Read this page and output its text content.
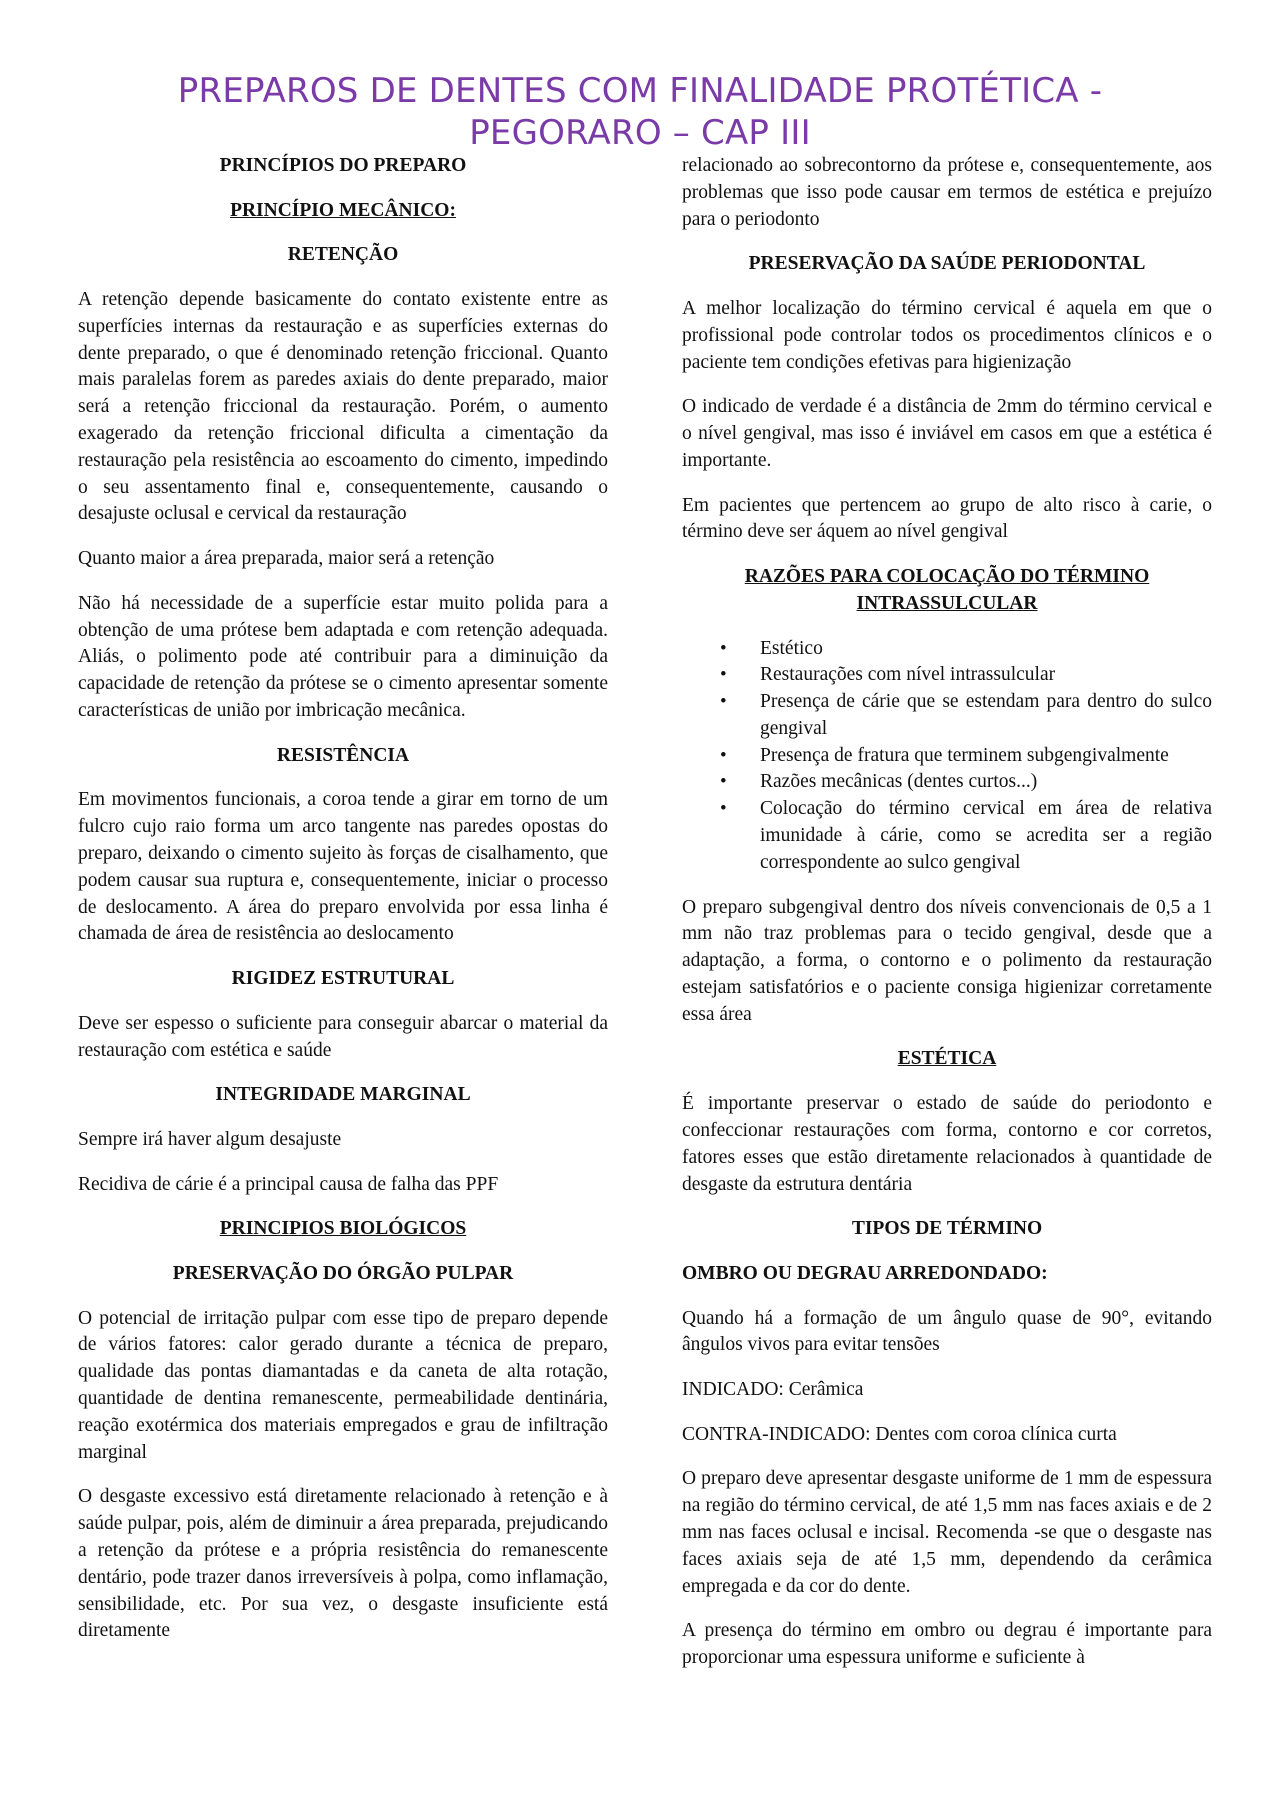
PREPAROS DE DENTES COM FINALIDADE PROTÉTICA -
PEGORARO – CAP III
PRINCÍPIOS DO PREPARO
PRINCÍPIO MECÂNICO:
RETENÇÃO

A retenção depende basicamente do contato existente entre as superfícies internas da restauração e as superfícies externas do dente preparado, o que é denominado retenção friccional. Quanto mais paralelas forem as paredes axiais do dente preparado, maior será a retenção friccional da restauração. Porém, o aumento exagerado da retenção friccional dificulta a cimentação da restauração pela resistência ao escoamento do cimento, impedindo o seu assentamento final e, consequentemente, causando o desajuste oclusal e cervical da restauração

Quanto maior a área preparada, maior será a retenção

Não há necessidade de a superfície estar muito polida para a obtenção de uma prótese bem adaptada e com retenção adequada. Aliás, o polimento pode até contribuir para a diminuição da capacidade de retenção da prótese se o cimento apresentar somente características de união por imbricação mecânica.

RESISTÊNCIA

Em movimentos funcionais, a coroa tende a girar em torno de um fulcro cujo raio forma um arco tangente nas paredes opostas do preparo, deixando o cimento sujeito às forças de cisalhamento, que podem causar sua ruptura e, consequentemente, iniciar o processo de deslocamento. A área do preparo envolvida por essa linha é chamada de área de resistência ao deslocamento

RIGIDEZ ESTRUTURAL

Deve ser espesso o suficiente para conseguir abarcar o material da restauração com estética e saúde

INTEGRIDADE MARGINAL

Sempre irá haver algum desajuste

Recidiva de cárie é a principal causa de falha das PPF

PRINCIPIOS BIOLÓGICOS
PRESERVAÇÃO DO ÓRGÃO PULPAR

O potencial de irritação pulpar com esse tipo de preparo depende de vários fatores: calor gerado durante a técnica de preparo, qualidade das pontas diamantadas e da caneta de alta rotação, quantidade de dentina remanescente, permeabilidade dentinária, reação exotérmica dos materiais empregados e grau de infiltração marginal

O desgaste excessivo está diretamente relacionado à retenção e à saúde pulpar, pois, além de diminuir a área preparada, prejudicando a retenção da prótese e a própria resistência do remanescente dentário, pode trazer danos irreversíveis à polpa, como inflamação, sensibilidade, etc. Por sua vez, o desgaste insuficiente está diretamente

relacionado ao sobrecontorno da prótese e, consequentemente, aos problemas que isso pode causar em termos de estética e prejuízo para o periodonto

PRESERVAÇÃO DA SAÚDE PERIODONTAL

A melhor localização do término cervical é aquela em que o profissional pode controlar todos os procedimentos clínicos e o paciente tem condições efetivas para higienização

O indicado de verdade é a distância de 2mm do término cervical e o nível gengival, mas isso é inviável em casos em que a estética é importante.

Em pacientes que pertencem ao grupo de alto risco à carie, o término deve ser áquem ao nível gengival

RAZÕES PARA COLOCAÇÃO DO TÉRMINO INTRASSULCULAR
• Estético
• Restaurações com nível intrassulcular
• Presença de cárie que se estendam para dentro do sulco gengival
• Presença de fratura que terminem subgengivalmente
• Razões mecânicas (dentes curtos...)
• Colocação do término cervical em área de relativa imunidade à cárie, como se acredita ser a região correspondente ao sulco gengival

O preparo subgengival dentro dos níveis convencionais de 0,5 a 1 mm não traz problemas para o tecido gengival, desde que a adaptação, a forma, o contorno e o polimento da restauração estejam satisfatórios e o paciente consiga higienizar corretamente essa área

ESTÉTICA

É importante preservar o estado de saúde do periodonto e confeccionar restaurações com forma, contorno e cor corretos, fatores esses que estão diretamente relacionados à quantidade de desgaste da estrutura dentária

TIPOS DE TÉRMINO
OMBRO OU DEGRAU ARREDONDADO:

Quando há a formação de um ângulo quase de 90°, evitando ângulos vivos para evitar tensões

INDICADO: Cerâmica

CONTRA-INDICADO: Dentes com coroa clínica curta

O preparo deve apresentar desgaste uniforme de 1 mm de espessura na região do término cervical, de até 1,5 mm nas faces axiais e de 2 mm nas faces oclusal e incisal. Recomenda -se que o desgaste nas faces axiais seja de até 1,5 mm, dependendo da cerâmica empregada e da cor do dente.

A presença do término em ombro ou degrau é importante para proporcionar uma espessura uniforme e suficiente à
